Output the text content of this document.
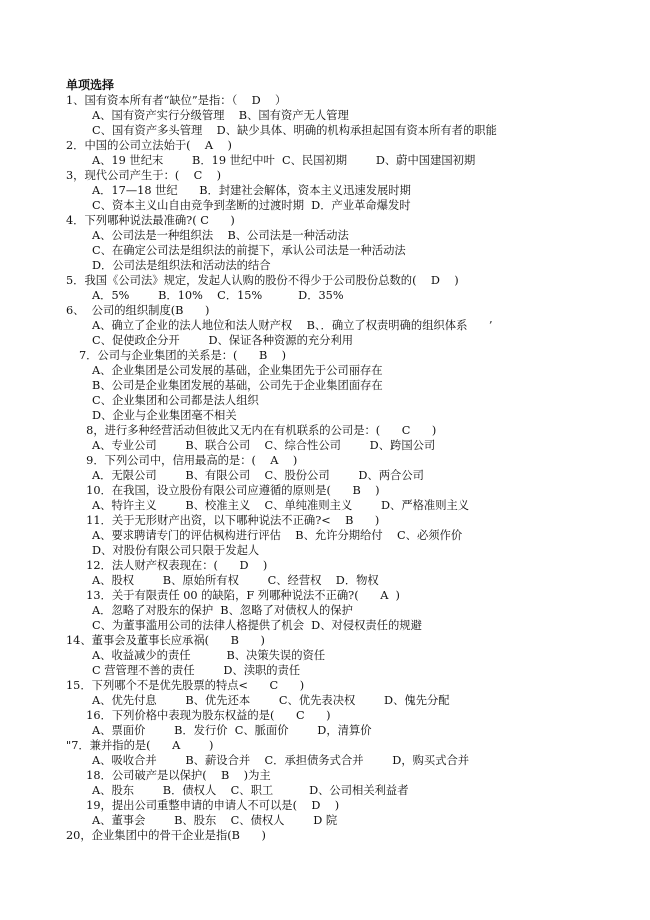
单项选择
1、国有资本所有者“缺位”是指：（    D    ）
A、国有资产实行分级管理    B、国有资产无人管理
C、国有资产多头管理    D、缺少具体、明确的机构承担起国有资本所有者的职能
2．中国的公司立法始于(    A    )
A、19 世纪末        B．19 世纪中叶  C、民国初期        D、蔚中国建国初期
3，现代公司产生于：(    C    )
A．17—18 世纪      B．封建社会解体，资本主义迅速发展时期
C、资本主义山自由竞争到垄断的过渡时期  D．产业革命爆发时
4．下列哪种说法最准确?( C      )
A、公司法是一种组织法    B、公司法是一种活动法
C、在确定公司法是组织法的前提下，承认公司法是一种活动法
D．公司法是组织法和活动法的结合
5．我国《公司法》规定，发起人认购的股份不得少于公司股份总数的(    D    )
A．5%        B．10%    C．15%          D．35%
6、  公司的组织制度(B      )
A、确立了企业的法人地位和法人财产权    B、．确立了权责明确的组织体系      ’
C、促使政企分开        D、保证各种资源的充分利用
7．公司与企业集团的关系是：(      B    )
A、企业集团是公司发展的基础，企业集团先于公司丽存在
B、公司是企业集团发展的基础，公司先于企业集团面存在
C、企业集团和公司都是法人组织
D、企业与企业集团毫不相关
8，进行多种经营活动但彼此又无内在有机联系的公司是：(      C      )
A、专业公司        B、联合公司    C、综合性公司        D、跨国公司
9．下列公司中，信用最高的是：(    A    )
A．无限公司        B、有限公司    C、股份公司        D、两合公司
10．在我国，设立股份有限公司应遵循的原则是(      B    )
A、特许主义        B、校准主义    C、单纯准则主义        D、严格准则主义
11．关于无形财产出资，以下哪种说法不正确?<    B      )
A、要求聘请专门的评估枫构进行评估    B、允许分期给付    C、必须作价
D、对股份有限公司只限于发起人
12．法人财产权表现在：(      D    )
A、股权        B、原始所有权        C、经营权    D．物权
13．关于有限责任 00 的缺陷，F 列哪种说法不正确?(      A  )
A．忽略了对股东的保护  B、忽略了对债权人的保护
C、为董事滥用公司的法律人格提供了机会  D、对侵权责任的规避
14、董事会及董事长应承祸(      B      )
A、收益减少的责任          B、决策失误的资任
C 营管理不善的责任        D、渎职的责任
15．下列哪个不是优先股票的特点<      C      )
A、优先付息        B、优先还本        C、优先表决权        D、傀先分配
16．下列价格中表现为股东权益的是(      C      )
A、票面价        B．发行价  C、脈面价        D，清算价
"7．兼并指的是(      A        )
A、吸收合并        B、薪设合并    C．承担债务式合并        D，购买式合并
18．公司破产是以保护(    B    )为主
A、股东        B．债权人    C、职工          D、公司相关利益者
19，提出公司重整申请的申请人不可以是(    D    )
A、董事会        B、股东    C、债权人        D 院
20，企业集团中的骨干企业是指(B      )
